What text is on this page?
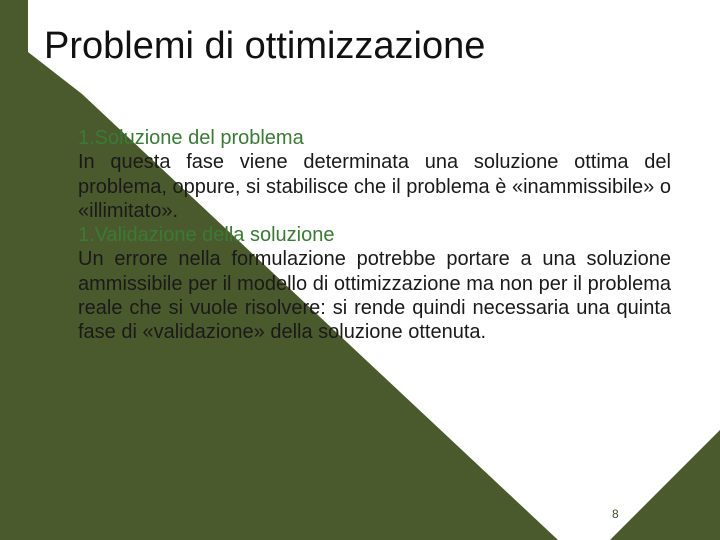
Problemi di ottimizzazione

1.Soluzione del problema

In questa fase viene determinata una soluzione ottima del problema, oppure, si stabilisce che il problema è «inammissibile» o «illimitato».

1.Validazione della soluzione

Un errore nella formulazione potrebbe portare a una soluzione ammissibile per il modello di ottimizzazione ma non per il problema reale che si vuole risolvere: si rende quindi necessaria una quinta fase di «validazione» della soluzione ottenuta.

8
